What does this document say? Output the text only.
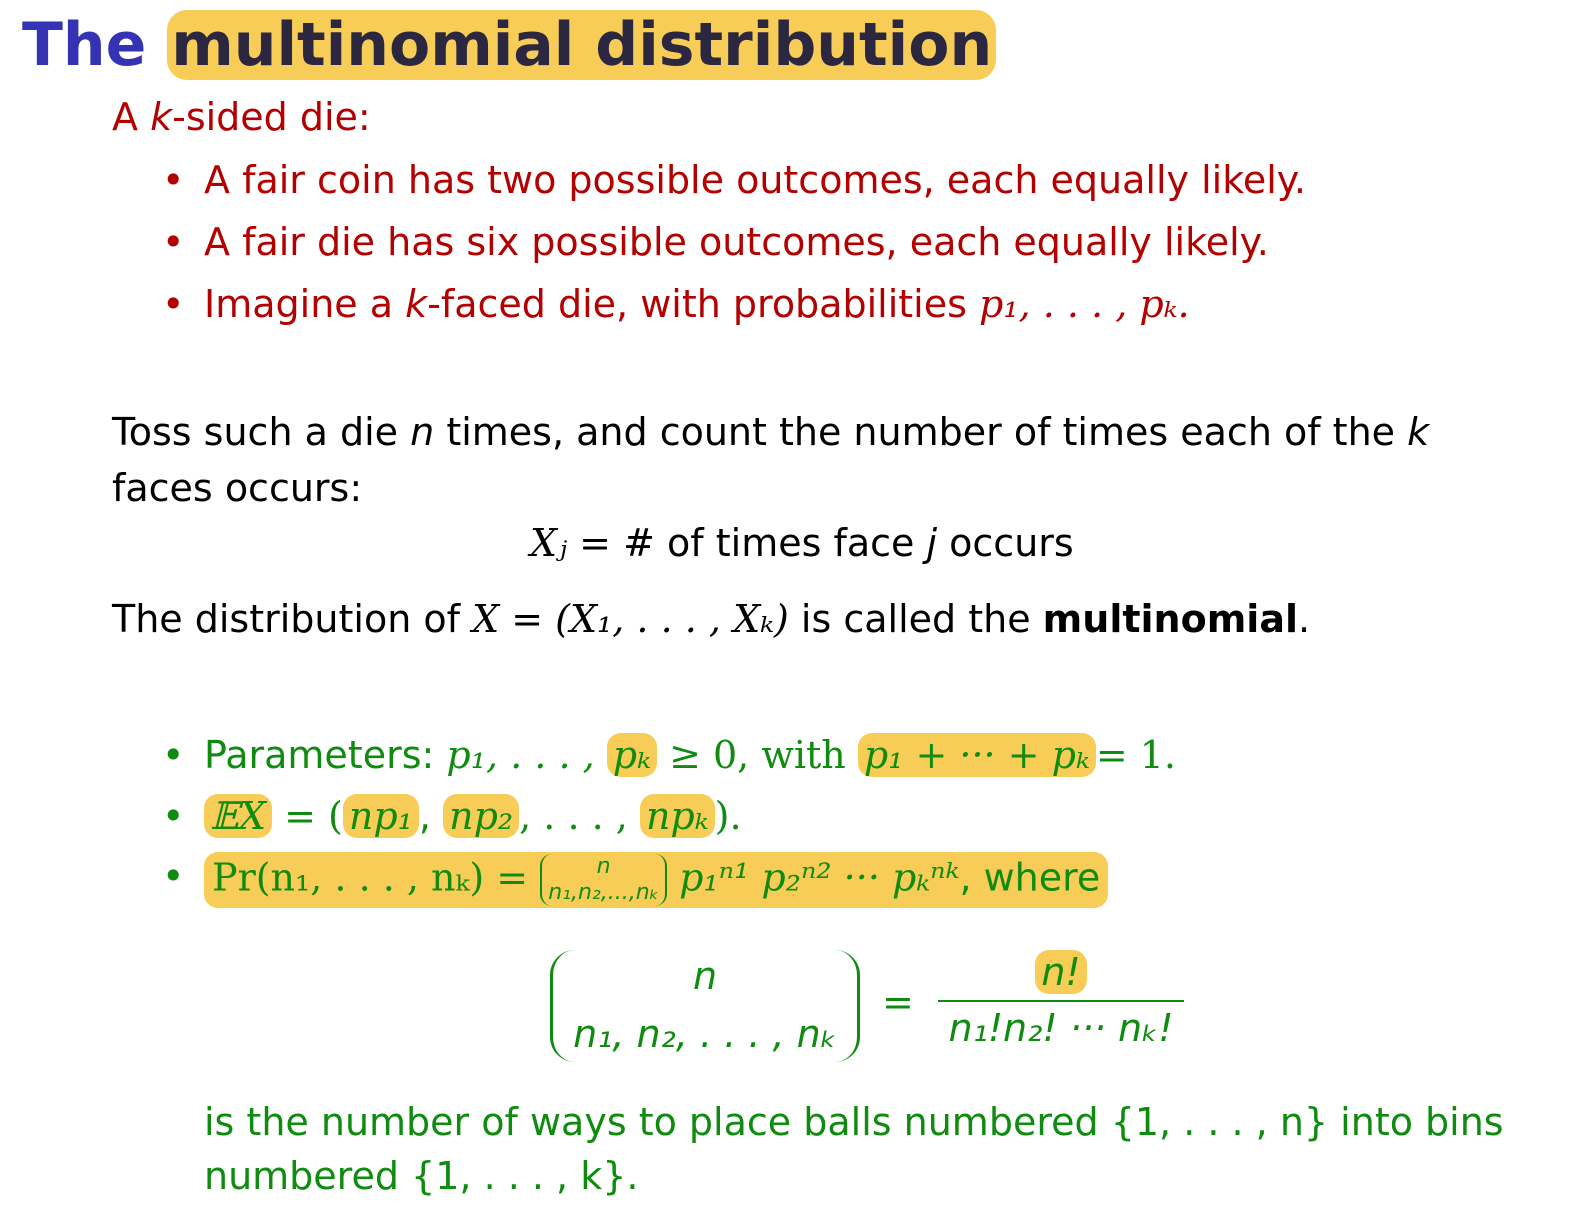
The multinomial distribution
A k-sided die:
• A fair coin has two possible outcomes, each equally likely.
• A fair die has six possible outcomes, each equally likely.
• Imagine a k-faced die, with probabilities p₁, . . . , pₖ.
Toss such a die n times, and count the number of times each of the k
faces occurs:
Xⱼ = # of times face j occurs
The distribution of X = (X₁, . . . , Xₖ) is called the multinomial.
• Parameters: p₁, . . . , pₖ ≥ 0, with p₁ + ··· + pₖ = 1.
• 𝔼X = ( np₁ , np₂ , . . . , npₖ ).
• Pr(n₁, . . . , nₖ) =	n
n₁,n₂,...,nₖ p₁ⁿ¹ p₂ⁿ² ··· pₖⁿᵏ, where
n
n₁, n₂, . . . , nₖ
= $\frac{n!}{\text{n₁!n₂! ··· nₖ!}}$
is the number of ways to place balls numbered {1, . . . , n} into bins
numbered {1, . . . , k}.
